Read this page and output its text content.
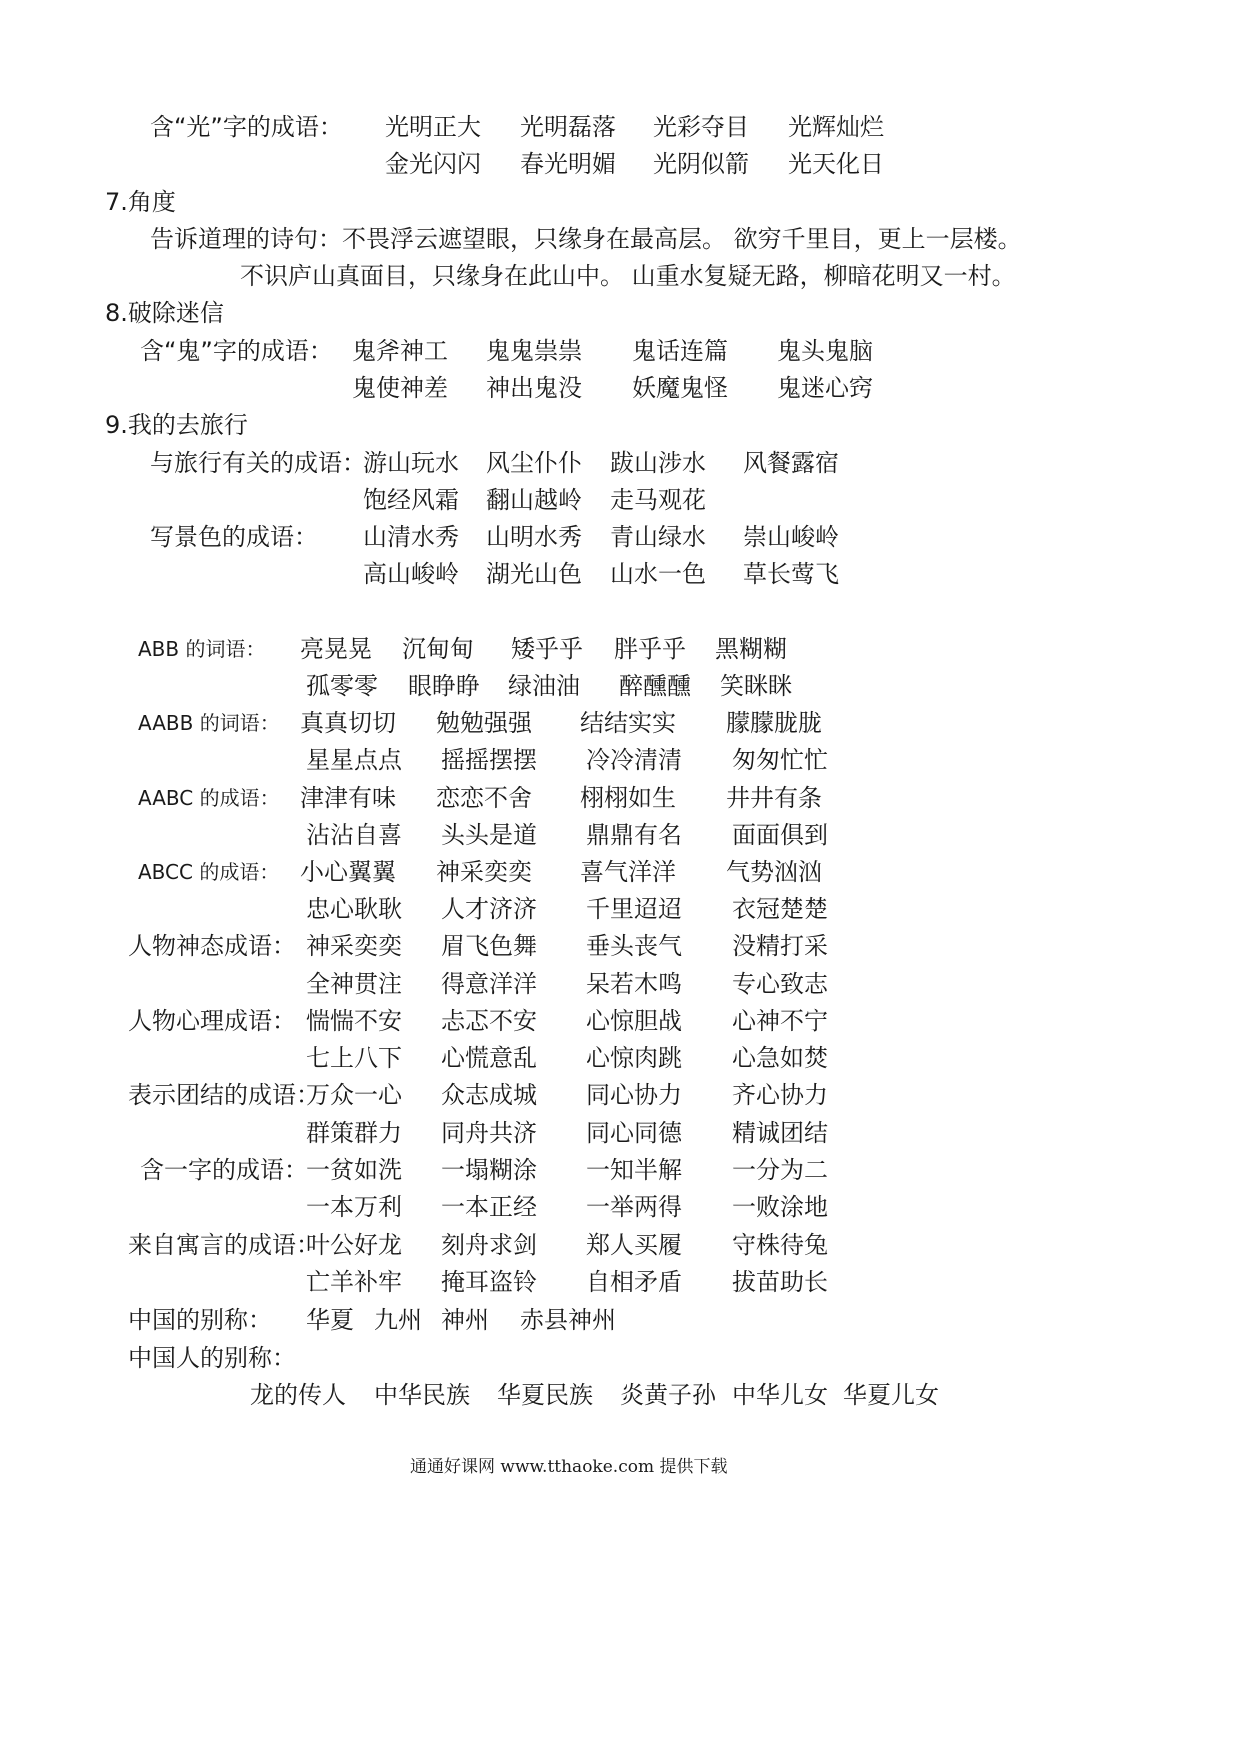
含“光”字的成语： 光明正大 光明磊落 光彩夺目 光辉灿烂
金光闪闪 春光明媚 光阴似箭 光天化日
7.角度
告诉道理的诗句：不畏浮云遮望眼，只缘身在最高层。 欲穷千里目，更上一层楼。
不识庐山真面目，只缘身在此山中。 山重水复疑无路，柳暗花明又一村。
8.破除迷信
含“鬼”字的成语： 鬼斧神工 鬼鬼祟祟 鬼话连篇 鬼头鬼脑
鬼使神差 神出鬼没 妖魔鬼怪 鬼迷心窍
9.我的去旅行
与旅行有关的成语：
游山玩水 风尘仆仆 跋山涉水 风餐露宿
饱经风霜 翻山越岭 走马观花
写景色的成语： 山清水秀 山明水秀 青山绿水 崇山峻岭
高山峻岭 湖光山色 山水一色 草长莺飞
ABB 的词语： 亮晃晃 沉甸甸 矮乎乎 胖乎乎 黑糊糊
孤零零 眼睁睁 绿油油 醉醺醺 笑眯眯
AABB 的词语： 真真切切 勉勉强强 结结实实 朦朦胧胧
星星点点 摇摇摆摆 冷冷清清 匆匆忙忙
AABC 的成语： 津津有味 恋恋不舍 栩栩如生 井井有条
沾沾自喜 头头是道 鼎鼎有名 面面俱到
ABCC 的成语： 小心翼翼 神采奕奕 喜气洋洋 气势汹汹
忠心耿耿 人才济济 千里迢迢 衣冠楚楚
人物神态成语： 神采奕奕 眉飞色舞 垂头丧气 没精打采
全神贯注 得意洋洋 呆若木鸣 专心致志
人物心理成语： 惴惴不安 忐忑不安 心惊胆战 心神不宁
七上八下 心慌意乱 心惊肉跳 心急如焚
表示团结的成语：
万众一心 众志成城 同心协力 齐心协力
群策群力 同舟共济 同心同德 精诚团结
含一字的成语：
一贫如洗 一塌糊涂 一知半解 一分为二
一本万利 一本正经 一举两得 一败涂地
来自寓言的成语：
叶公好龙 刻舟求剑 郑人买履 守株待兔
亡羊补牢 掩耳盗铃 自相矛盾 拔苗助长
中国的别称： 华夏 九州 神州 赤县神州
中国人的别称：
龙的传人 中华民族 华夏民族 炎黄子孙 中华儿女 华夏儿女
通通好课网 www.tthaoke.com 提供下载
